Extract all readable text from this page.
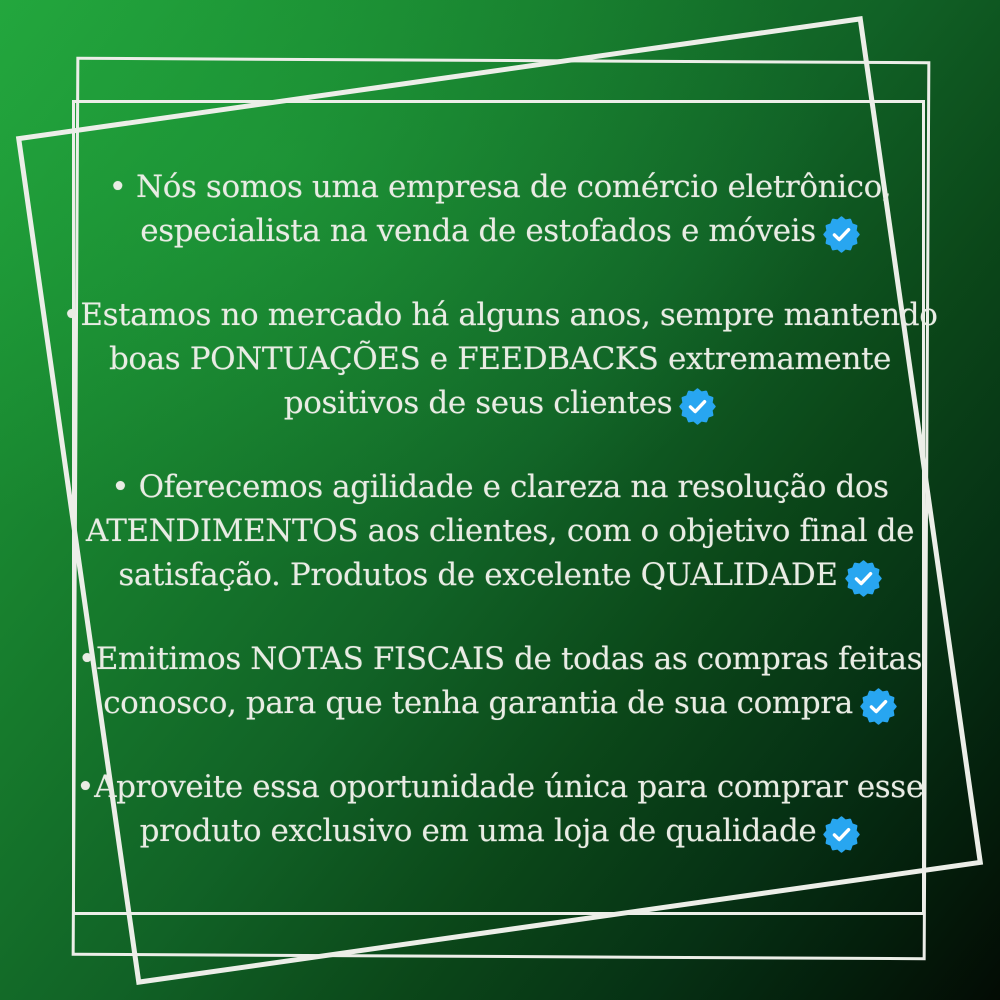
• Nós somos uma empresa de comércio eletrônico,
especialista na venda de estofados e móveis

•Estamos no mercado há alguns anos, sempre mantendo
boas PONTUAÇÕES e FEEDBACKS extremamente
positivos de seus clientes

• Oferecemos agilidade e clareza na resolução dos
ATENDIMENTOS aos clientes, com o objetivo final de
satisfação. Produtos de excelente QUALIDADE

•Emitimos NOTAS FISCAIS de todas as compras feitas
conosco, para que tenha garantia de sua compra

•Aproveite essa oportunidade única para comprar esse
produto exclusivo em uma loja de qualidade
